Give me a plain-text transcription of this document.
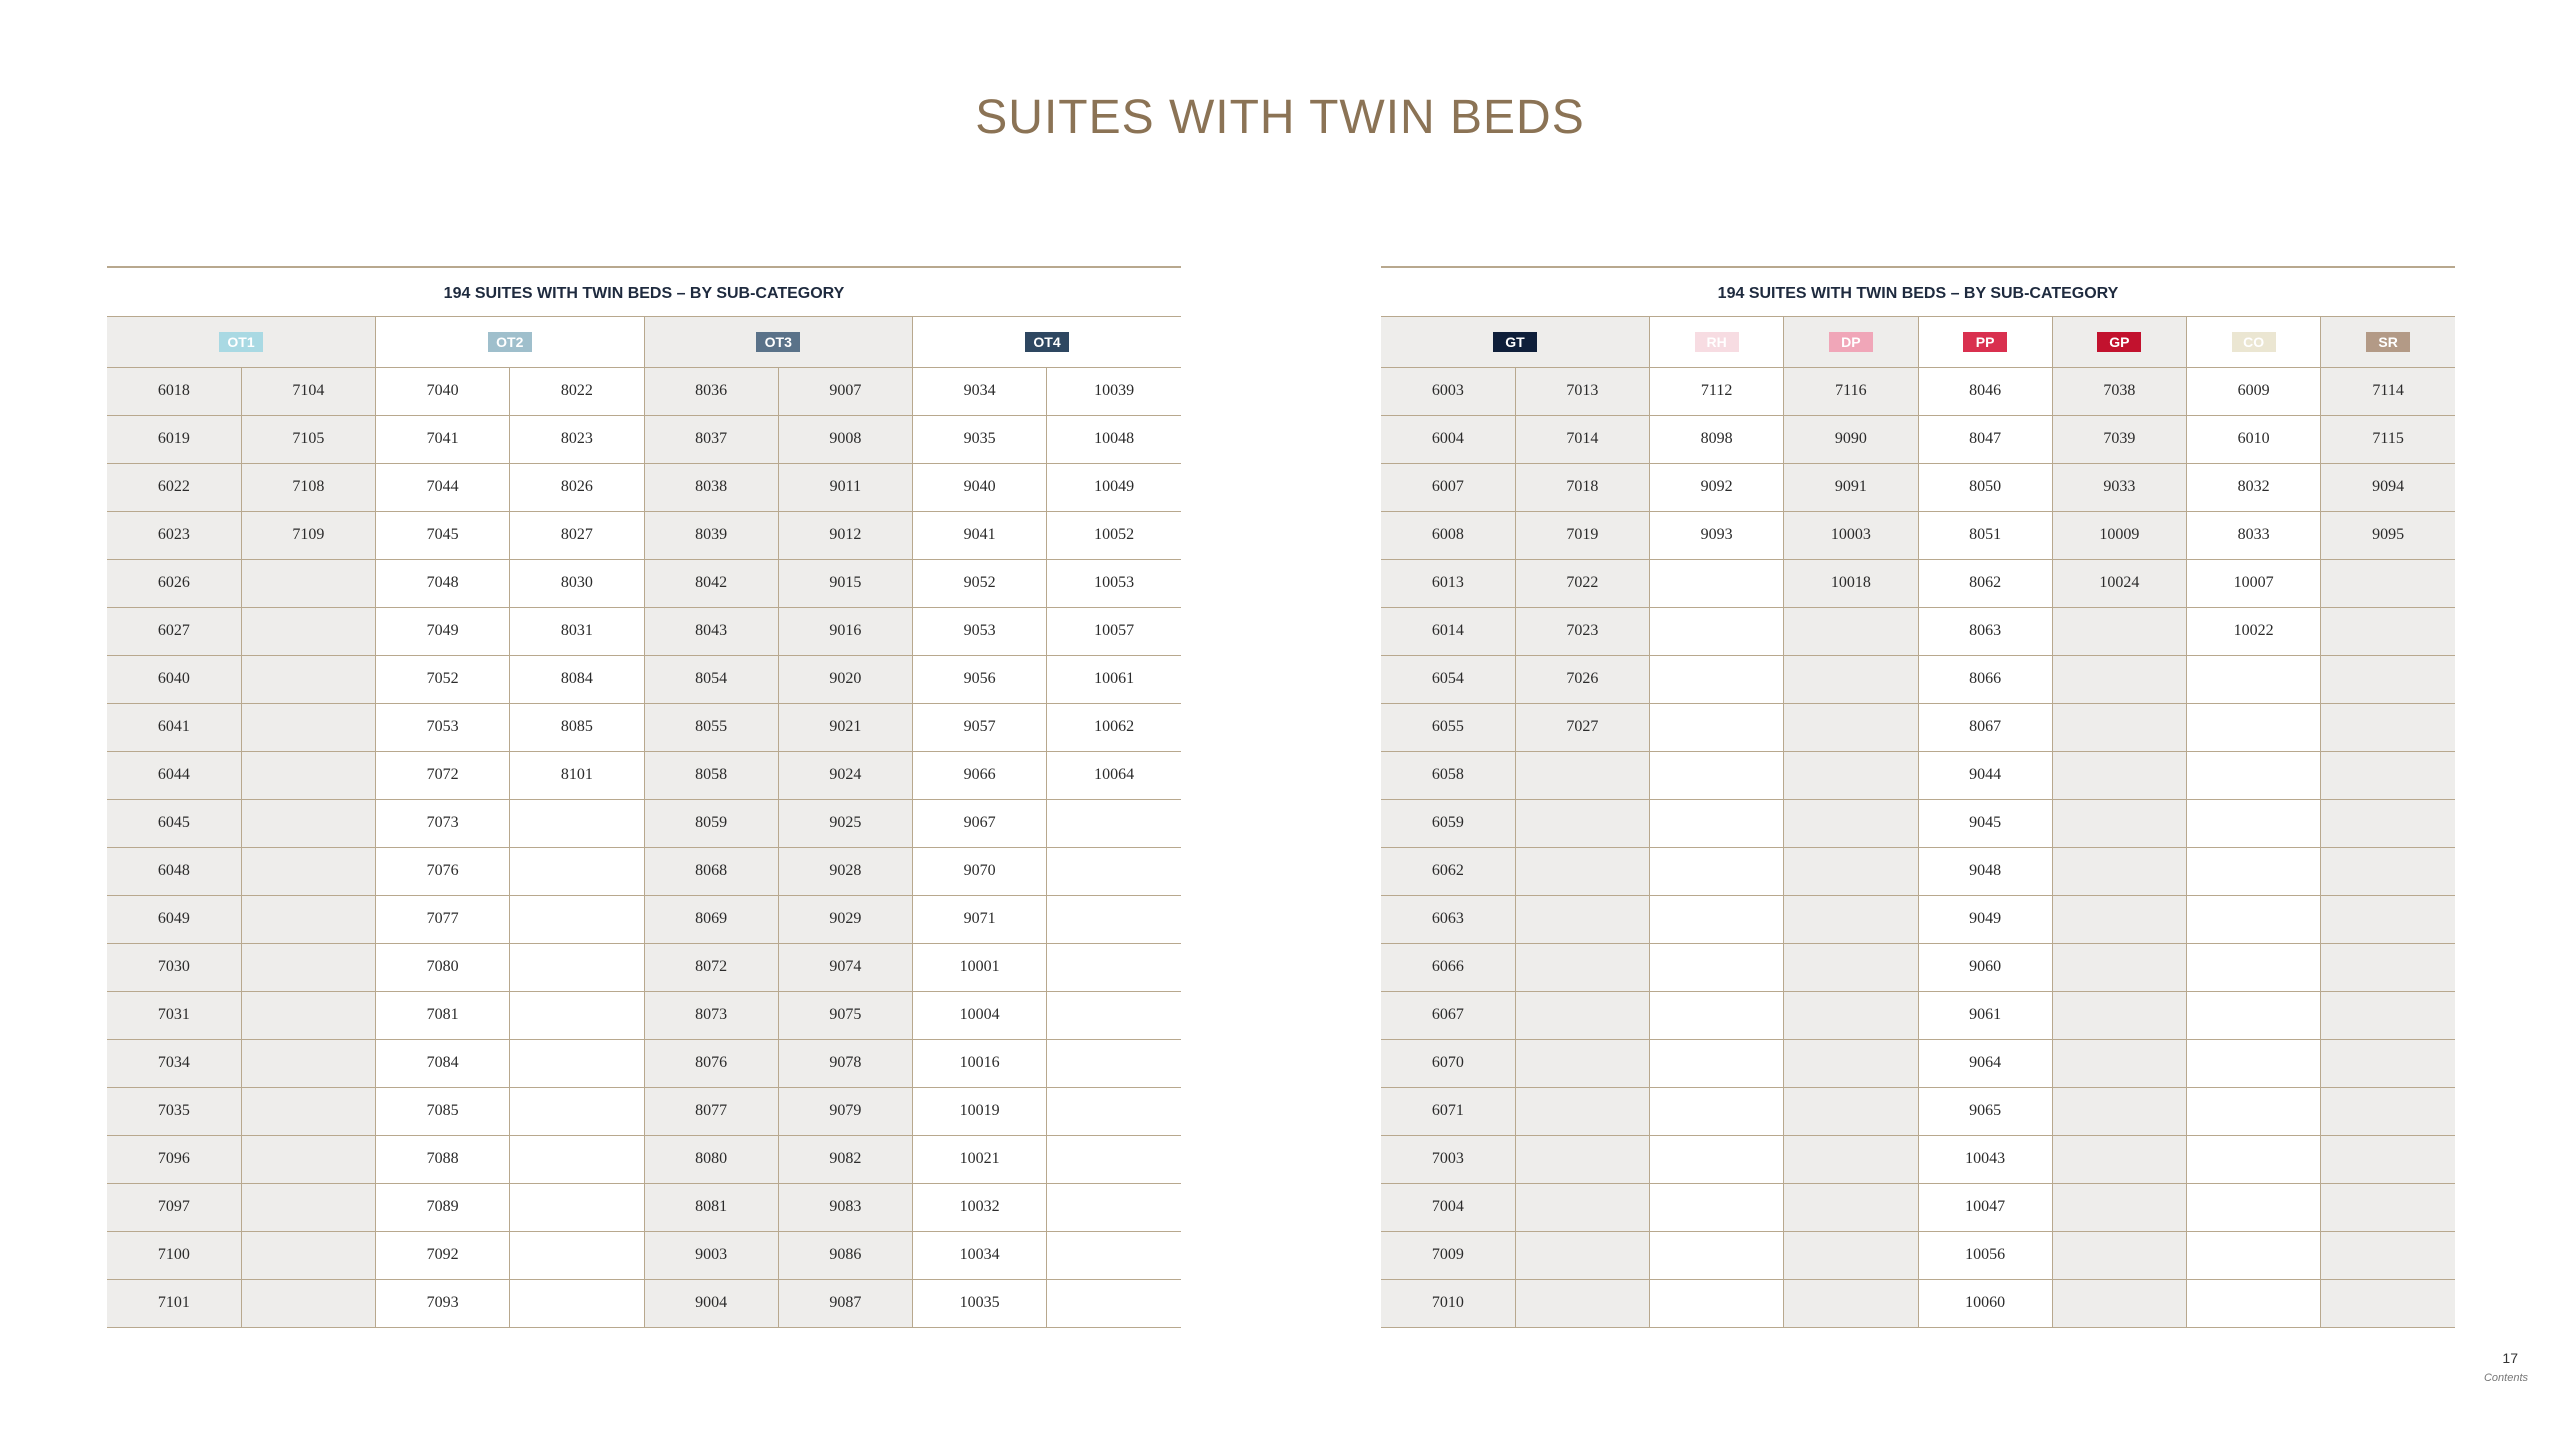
SUITES WITH TWIN BEDS
194 SUITES WITH TWIN BEDS – BY SUB-CATEGORY
OT1		OT2		OT3		OT4	
6018	7104	7040	8022	8036	9007	9034	10039
6019	7105	7041	8023	8037	9008	9035	10048
6022	7108	7044	8026	8038	9011	9040	10049
6023	7109	7045	8027	8039	9012	9041	10052
6026		7048	8030	8042	9015	9052	10053
6027		7049	8031	8043	9016	9053	10057
6040		7052	8084	8054	9020	9056	10061
6041		7053	8085	8055	9021	9057	10062
6044		7072	8101	8058	9024	9066	10064
6045		7073		8059	9025	9067	
6048		7076		8068	9028	9070	
6049		7077		8069	9029	9071	
7030		7080		8072	9074	10001	
7031		7081		8073	9075	10004	
7034		7084		8076	9078	10016	
7035		7085		8077	9079	10019	
7096		7088		8080	9082	10021	
7097		7089		8081	9083	10032	
7100		7092		9003	9086	10034	
7101		7093		9004	9087	10035	
194 SUITES WITH TWIN BEDS – BY SUB-CATEGORY
GT		RH	DP	PP	GP	CO	SR
6003	7013	7112	7116	8046	7038	6009	7114
6004	7014	8098	9090	8047	7039	6010	7115
6007	7018	9092	9091	8050	9033	8032	9094
6008	7019	9093	10003	8051	10009	8033	9095
6013	7022		10018	8062	10024	10007	
6014	7023			8063		10022	
6054	7026			8066			
6055	7027			8067			
6058				9044			
6059				9045			
6062				9048			
6063				9049			
6066				9060			
6067				9061			
6070				9064			
6071				9065			
7003				10043			
7004				10047			
7009				10056			
7010				10060			
17
Contents
